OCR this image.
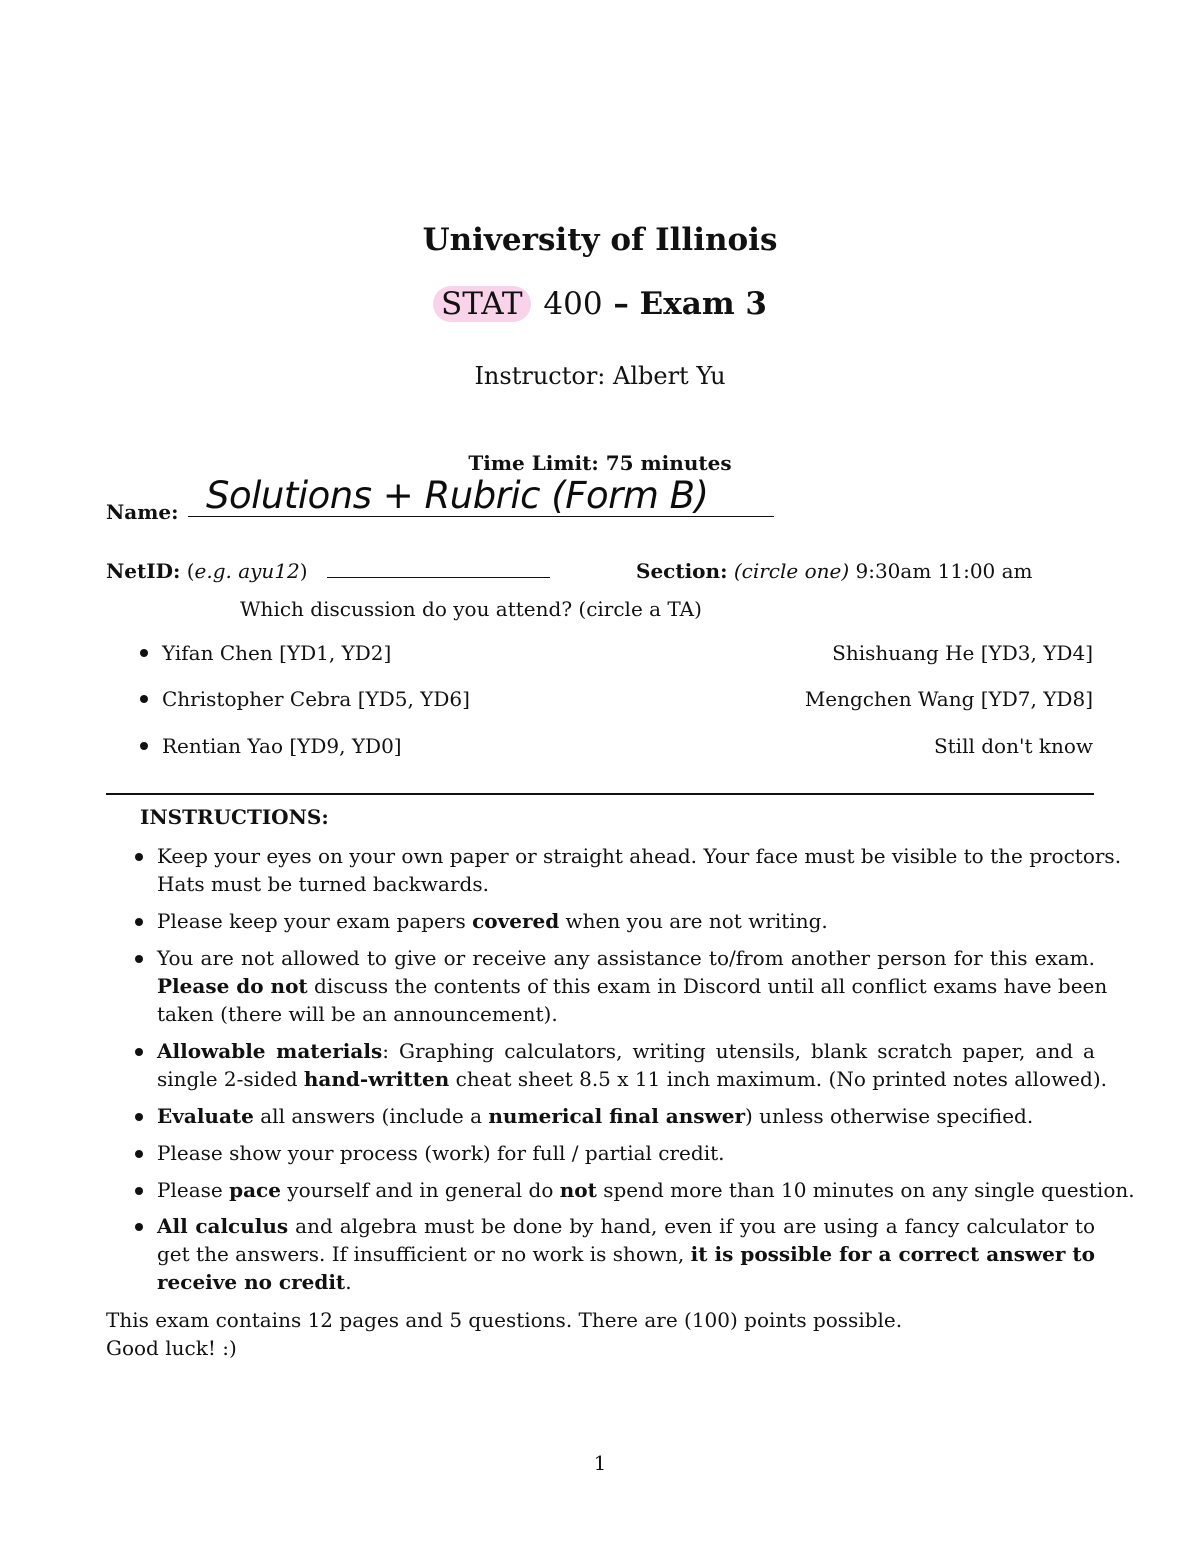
University of Illinois
STAT 400 – Exam 3
Instructor: Albert Yu
Time Limit: 75 minutes
Name: Solutions + Rubric (Form B)
NetID: (e.g. ayu12)	Section: (circle one) 9:30am 11:00 am
Which discussion do you attend? (circle a TA)
Yifan Chen [YD1, YD2]
Christopher Cebra [YD5, YD6]
Rentian Yao [YD9, YD0]
Shishuang He [YD3, YD4]
Mengchen Wang [YD7, YD8]
Still don't know
INSTRUCTIONS:
Keep your eyes on your own paper or straight ahead. Your face must be visible to the proctors.
Hats must be turned backwards.
Please keep your exam papers covered when you are not writing.
You are not allowed to give or receive any assistance to/from another person for this exam.
Please do not discuss the contents of this exam in Discord until all conflict exams have been
taken (there will be an announcement).
Allowable materials: Graphing calculators, writing utensils, blank scratch paper, and a
single 2-sided hand-written cheat sheet 8.5 x 11 inch maximum. (No printed notes allowed).
Evaluate all answers (include a numerical final answer) unless otherwise specified.
Please show your process (work) for full / partial credit.
Please pace yourself and in general do not spend more than 10 minutes on any single question.
All calculus and algebra must be done by hand, even if you are using a fancy calculator to
get the answers. If insufficient or no work is shown, it is possible for a correct answer to
receive no credit.
This exam contains 12 pages and 5 questions. There are (100) points possible.
Good luck! :)
1
